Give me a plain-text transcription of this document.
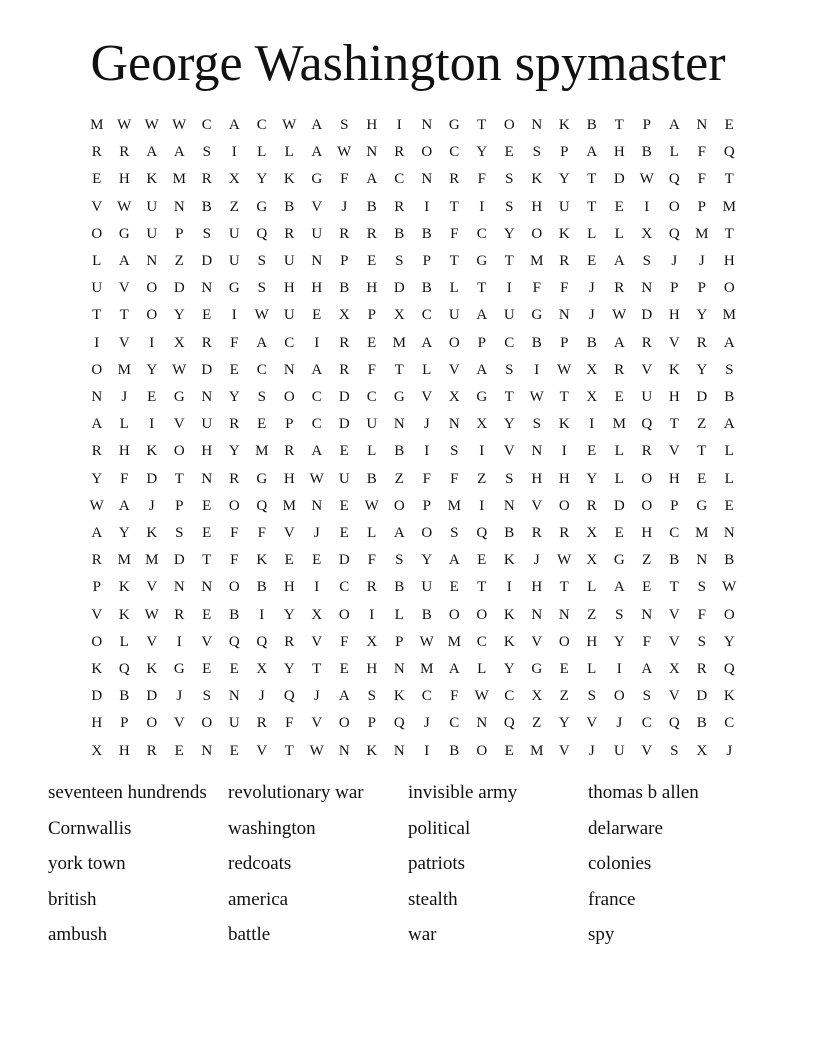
George Washington spymaster
M	W	W	W	C	A	C	W	A	S	H	I	N	G	T	O	N	K	B	T	P	A	N	E
R	R	A	A	S	I	L	L	A	W	N	R	O	C	Y	E	S	P	A	H	B	L	F	Q
E	H	K	M	R	X	Y	K	G	F	A	C	N	R	F	S	K	Y	T	D	W	Q	F	T
V	W	U	N	B	Z	G	B	V	J	B	R	I	T	I	S	H	U	T	E	I	O	P	M
O	G	U	P	S	U	Q	R	U	R	R	B	B	F	C	Y	O	K	L	L	X	Q	M	T
L	A	N	Z	D	U	S	U	N	P	E	S	P	T	G	T	M	R	E	A	S	J	J	H
U	V	O	D	N	G	S	H	H	B	H	D	B	L	T	I	F	F	J	R	N	P	P	O
T	T	O	Y	E	I	W	U	E	X	P	X	C	U	A	U	G	N	J	W	D	H	Y	M
I	V	I	X	R	F	A	C	I	R	E	M	A	O	P	C	B	P	B	A	R	V	R	A
O	M	Y	W	D	E	C	N	A	R	F	T	L	V	A	S	I	W	X	R	V	K	Y	S
N	J	E	G	N	Y	S	O	C	D	C	G	V	X	G	T	W	T	X	E	U	H	D	B
A	L	I	V	U	R	E	P	C	D	U	N	J	N	X	Y	S	K	I	M	Q	T	Z	A
R	H	K	O	H	Y	M	R	A	E	L	B	I	S	I	V	N	I	E	L	R	V	T	L
Y	F	D	T	N	R	G	H	W	U	B	Z	F	F	Z	S	H	H	Y	L	O	H	E	L
W	A	J	P	E	O	Q	M	N	E	W	O	P	M	I	N	V	O	R	D	O	P	G	E
A	Y	K	S	E	F	F	V	J	E	L	A	O	S	Q	B	R	R	X	E	H	C	M	N
R	M	M	D	T	F	K	E	E	D	F	S	Y	A	E	K	J	W	X	G	Z	B	N	B
P	K	V	N	N	O	B	H	I	C	R	B	U	E	T	I	H	T	L	A	E	T	S	W
V	K	W	R	E	B	I	Y	X	O	I	L	B	O	O	K	N	N	Z	S	N	V	F	O
O	L	V	I	V	Q	Q	R	V	F	X	P	W	M	C	K	V	O	H	Y	F	V	S	Y
K	Q	K	G	E	E	X	Y	T	E	H	N	M	A	L	Y	G	E	L	I	A	X	R	Q
D	B	D	J	S	N	J	Q	J	A	S	K	C	F	W	C	X	Z	S	O	S	V	D	K
H	P	O	V	O	U	R	F	V	O	P	Q	J	C	N	Q	Z	Y	V	J	C	Q	B	C
X	H	R	E	N	E	V	T	W	N	K	N	I	B	O	E	M	V	J	U	V	S	X	J
seventeen hundrends	revolutionary war	invisible army	thomas b allen
Cornwallis	washington	political	delarware
york town	redcoats	patriots	colonies
british	america	stealth	france
ambush	battle	war	spy
